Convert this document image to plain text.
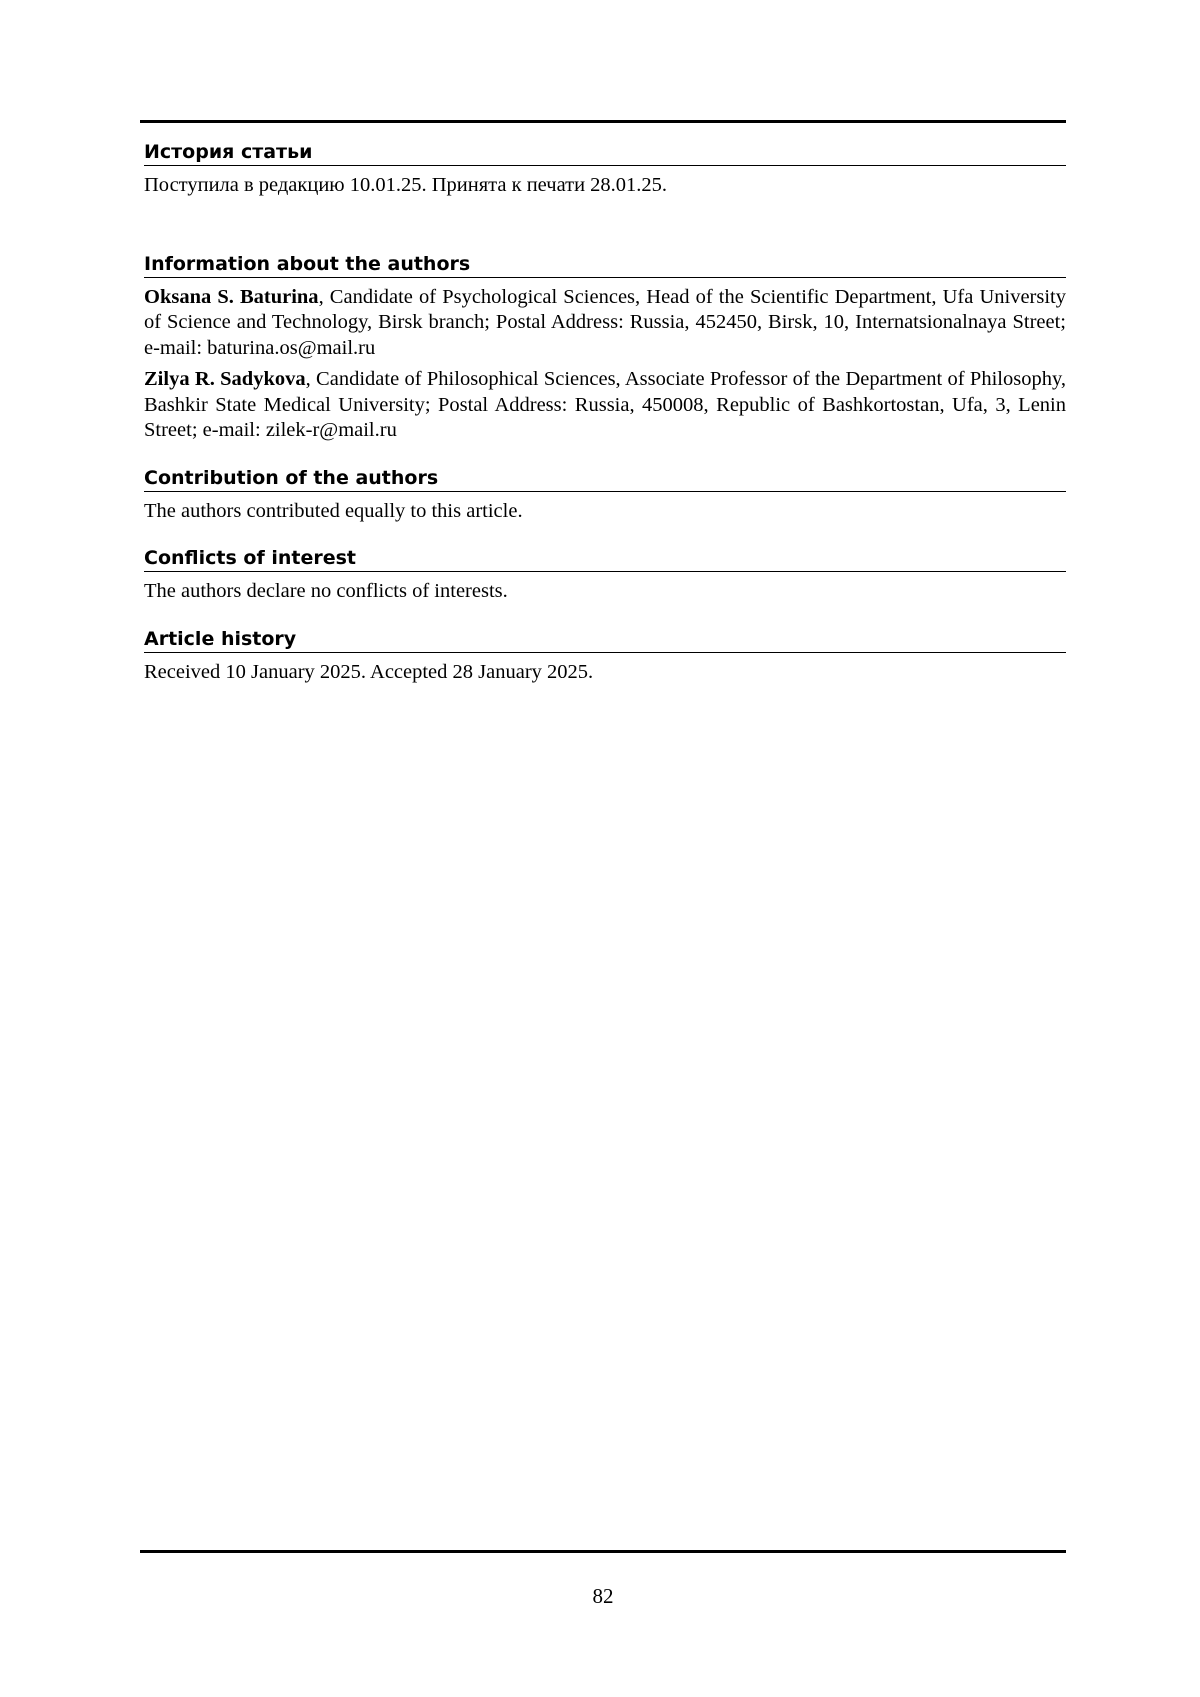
История статьи

Поступила в редакцию 10.01.25. Принята к печати 28.01.25.

Information about the authors

Oksana S. Baturina, Candidate of Psychological Sciences, Head of the Scientific Department, Ufa University of Science and Technology, Birsk branch; Postal Address: Russia, 452450, Birsk, 10, Internatsionalnaya Street; e-mail: baturina.os@mail.ru

Zilya R. Sadykova, Candidate of Philosophical Sciences, Associate Professor of the Department of Philosophy, Bashkir State Medical University; Postal Address: Russia, 450008, Republic of Bashkortostan, Ufa, 3, Lenin Street; e-mail: zilek-r@mail.ru

Contribution of the authors

The authors contributed equally to this article.

Conflicts of interest

The authors declare no conflicts of interests.

Article history

Received 10 January 2025. Accepted 28 January 2025.

82
